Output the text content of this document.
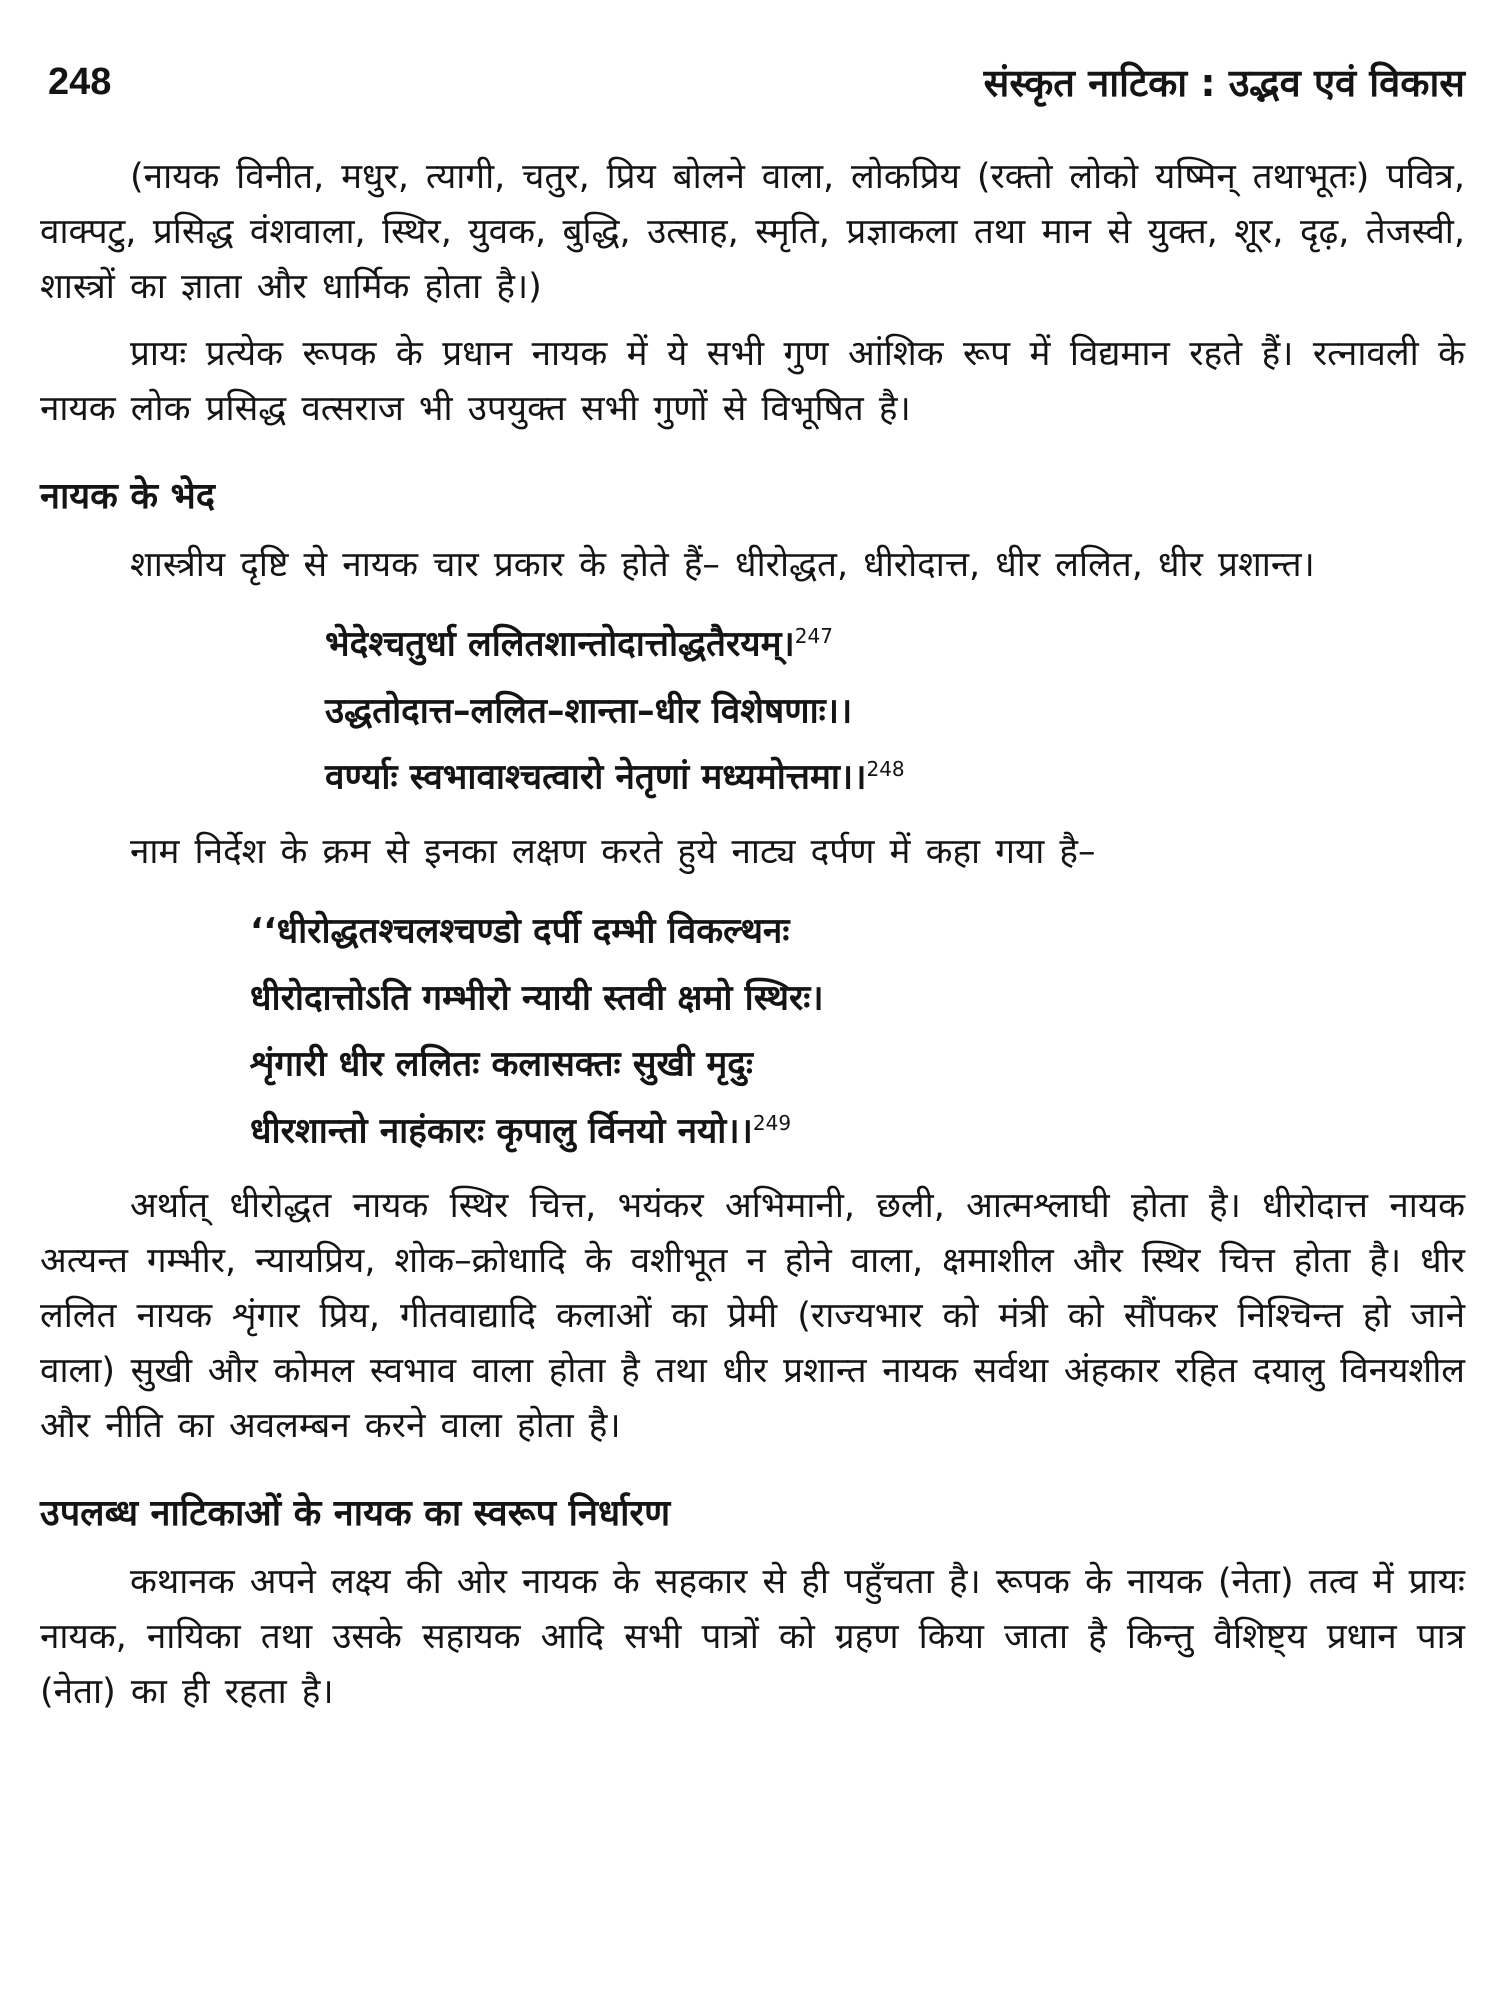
248	संस्कृत नाटिका : उद्भव एवं विकास

(नायक विनीत, मधुर, त्यागी, चतुर, प्रिय बोलने वाला, लोकप्रिय (रक्तो लोको यष्मिन् तथाभूतः) पवित्र, वाक्पटु, प्रसिद्ध वंशवाला, स्थिर, युवक, बुद्धि, उत्साह, स्मृति, प्रज्ञाकला तथा मान से युक्त, शूर, दृढ़, तेजस्वी, शास्त्रों का ज्ञाता और धार्मिक होता है।)

प्रायः प्रत्येक रूपक के प्रधान नायक में ये सभी गुण आंशिक रूप में विद्यमान रहते हैं। रत्नावली के नायक लोक प्रसिद्ध वत्सराज भी उपयुक्त सभी गुणों से विभूषित है।

नायक के भेद

शास्त्रीय दृष्टि से नायक चार प्रकार के होते हैं– धीरोद्धत, धीरोदात्त, धीर ललित, धीर प्रशान्त।

भेदेश्चतुर्धा ललितशान्तोदात्तोद्धतैरयम्।$^{247}$
उद्धतोदात्त–ललित–शान्ता–धीर विशेषणाः।।
वर्ण्याः स्वभावाश्चत्वारो नेतृणां मध्यमोत्तमा।।$^{248}$

नाम निर्देश के क्रम से इनका लक्षण करते हुये नाट्य दर्पण में कहा गया है–

‘‘धीरोद्धतश्चलश्चण्डो दर्पी दम्भी विकल्थनः
धीरोदात्तोऽति गम्भीरो न्यायी स्तवी क्षमो स्थिरः।
शृंगारी धीर ललितः कलासक्तः सुखी मृदुः
धीरशान्तो नाहंकारः कृपालु र्विनयो नयो।।$^{249}$

अर्थात् धीरोद्धत नायक स्थिर चित्त, भयंकर अभिमानी, छली, आत्मश्लाघी होता है। धीरोदात्त नायक अत्यन्त गम्भीर, न्यायप्रिय, शोक–क्रोधादि के वशीभूत न होने वाला, क्षमाशील और स्थिर चित्त होता है। धीर ललित नायक शृंगार प्रिय, गीतवाद्यादि कलाओं का प्रेमी (राज्यभार को मंत्री को सौंपकर निश्चिन्त हो जाने वाला) सुखी और कोमल स्वभाव वाला होता है तथा धीर प्रशान्त नायक सर्वथा अंहकार रहित दयालु विनयशील और नीति का अवलम्बन करने वाला होता है।

उपलब्ध नाटिकाओं के नायक का स्वरूप निर्धारण

कथानक अपने लक्ष्य की ओर नायक के सहकार से ही पहुँचता है। रूपक के नायक (नेता) तत्व में प्रायः नायक, नायिका तथा उसके सहायक आदि सभी पात्रों को ग्रहण किया जाता है किन्तु वैशिष्ट्य प्रधान पात्र (नेता) का ही रहता है।
